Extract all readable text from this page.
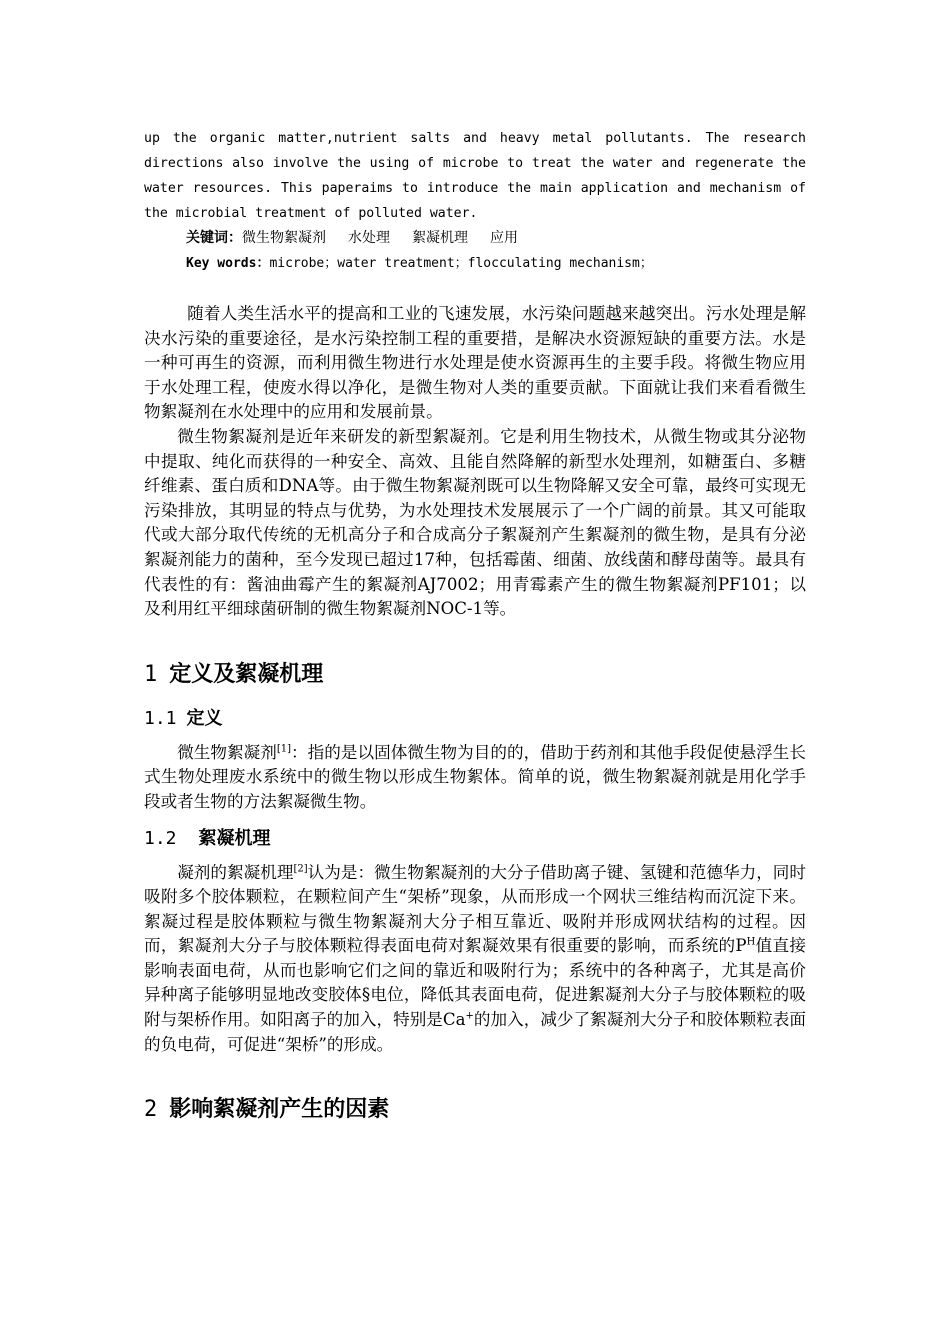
up the organic matter,nutrient salts and heavy metal pollutants. The research directions also involve the using of microbe to treat the water and regenerate the water resources. This paperaims to introduce the main application and mechanism of the microbial treatment of polluted water.

关键词：微生物絮凝剂 水处理 絮凝机理 应用

Key words：microbe；water treatment；flocculating mechanism；

随着人类生活水平的提高和工业的飞速发展，水污染问题越来越突出。污水处理是解决水污染的重要途径，是水污染控制工程的重要措，是解决水资源短缺的重要方法。水是一种可再生的资源，而利用微生物进行水处理是使水资源再生的主要手段。将微生物应用于水处理工程，使废水得以净化，是微生物对人类的重要贡献。下面就让我们来看看微生物絮凝剂在水处理中的应用和发展前景。

微生物絮凝剂是近年来研发的新型絮凝剂。它是利用生物技术，从微生物或其分泌物中提取、纯化而获得的一种安全、高效、且能自然降解的新型水处理剂，如糖蛋白、多糖纤维素、蛋白质和DNA等。由于微生物絮凝剂既可以生物降解又安全可靠，最终可实现无污染排放，其明显的特点与优势，为水处理技术发展展示了一个广阔的前景。其又可能取代或大部分取代传统的无机高分子和合成高分子絮凝剂产生絮凝剂的微生物，是具有分泌絮凝剂能力的菌种，至今发现已超过17种，包括霉菌、细菌、放线菌和酵母菌等。最具有代表性的有：酱油曲霉产生的絮凝剂AJ7002；用青霉素产生的微生物絮凝剂PF101；以及利用红平细球菌研制的微生物絮凝剂NOC-1等。

1 定义及絮凝机理
1.1 定义

微生物絮凝剂[1]：指的是以固体微生物为目的的，借助于药剂和其他手段促使悬浮生长式生物处理废水系统中的微生物以形成生物絮体。简单的说，微生物絮凝剂就是用化学手段或者生物的方法絮凝微生物。

1.2 絮凝机理

凝剂的絮凝机理[2]认为是：微生物絮凝剂的大分子借助离子键、氢键和范德华力，同时吸附多个胶体颗粒，在颗粒间产生“架桥”现象，从而形成一个网状三维结构而沉淀下来。絮凝过程是胶体颗粒与微生物絮凝剂大分子相互靠近、吸附并形成网状结构的过程。因而，絮凝剂大分子与胶体颗粒得表面电荷对絮凝效果有很重要的影响，而系统的$P^H$值直接影响表面电荷，从而也影响它们之间的靠近和吸附行为；系统中的各种离子，尤其是高价异种离子能够明显地改变胶体§电位，降低其表面电荷，促进絮凝剂大分子与胶体颗粒的吸附与架桥作用。如阳离子的加入，特别是Ca+的加入，减少了絮凝剂大分子和胶体颗粒表面的负电荷，可促进“架桥”的形成。

2 影响絮凝剂产生的因素
